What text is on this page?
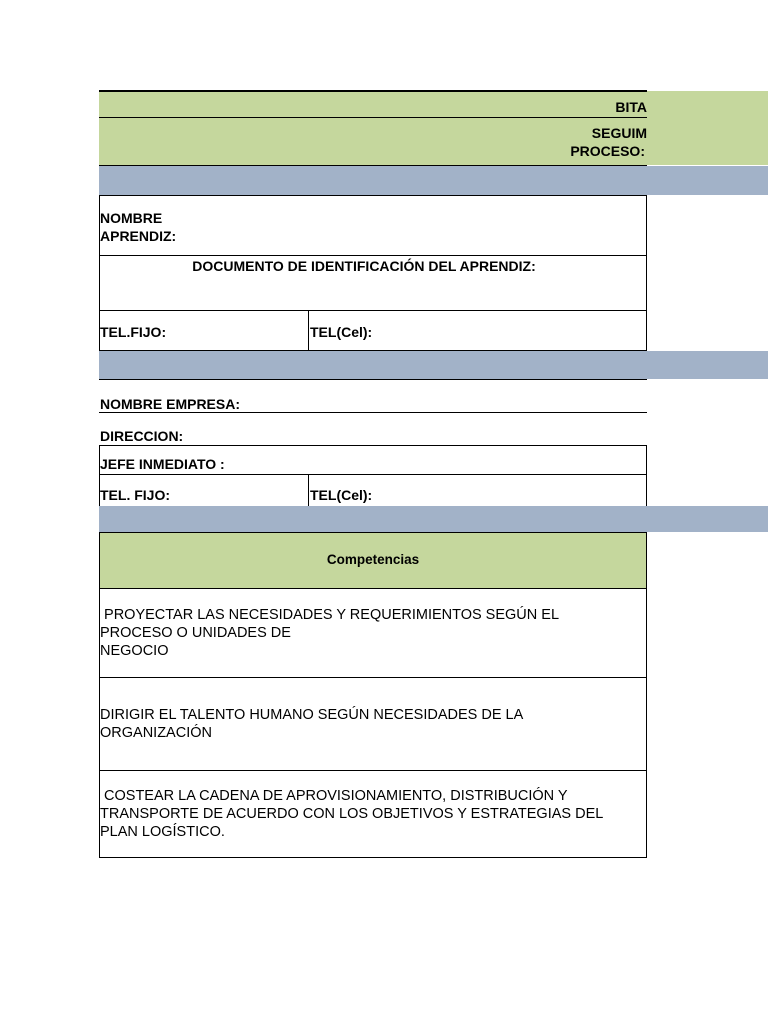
BITA
SEGUIM
PROCESO:
NOMBRE
APRENDIZ:
DOCUMENTO DE IDENTIFICACIÓN DEL APRENDIZ:
TEL.FIJO:	TEL(Cel):
NOMBRE EMPRESA:
DIRECCION:
JEFE INMEDIATO :
TEL. FIJO:	TEL(Cel):
Competencias
PROYECTAR LAS NECESIDADES Y REQUERIMIENTOS SEGÚN EL
PROCESO O UNIDADES DE
NEGOCIO
DIRIGIR EL TALENTO HUMANO SEGÚN NECESIDADES DE LA
ORGANIZACIÓN
COSTEAR LA CADENA DE APROVISIONAMIENTO, DISTRIBUCIÓN Y
TRANSPORTE DE ACUERDO CON LOS OBJETIVOS Y ESTRATEGIAS DEL
PLAN LOGÍSTICO.
